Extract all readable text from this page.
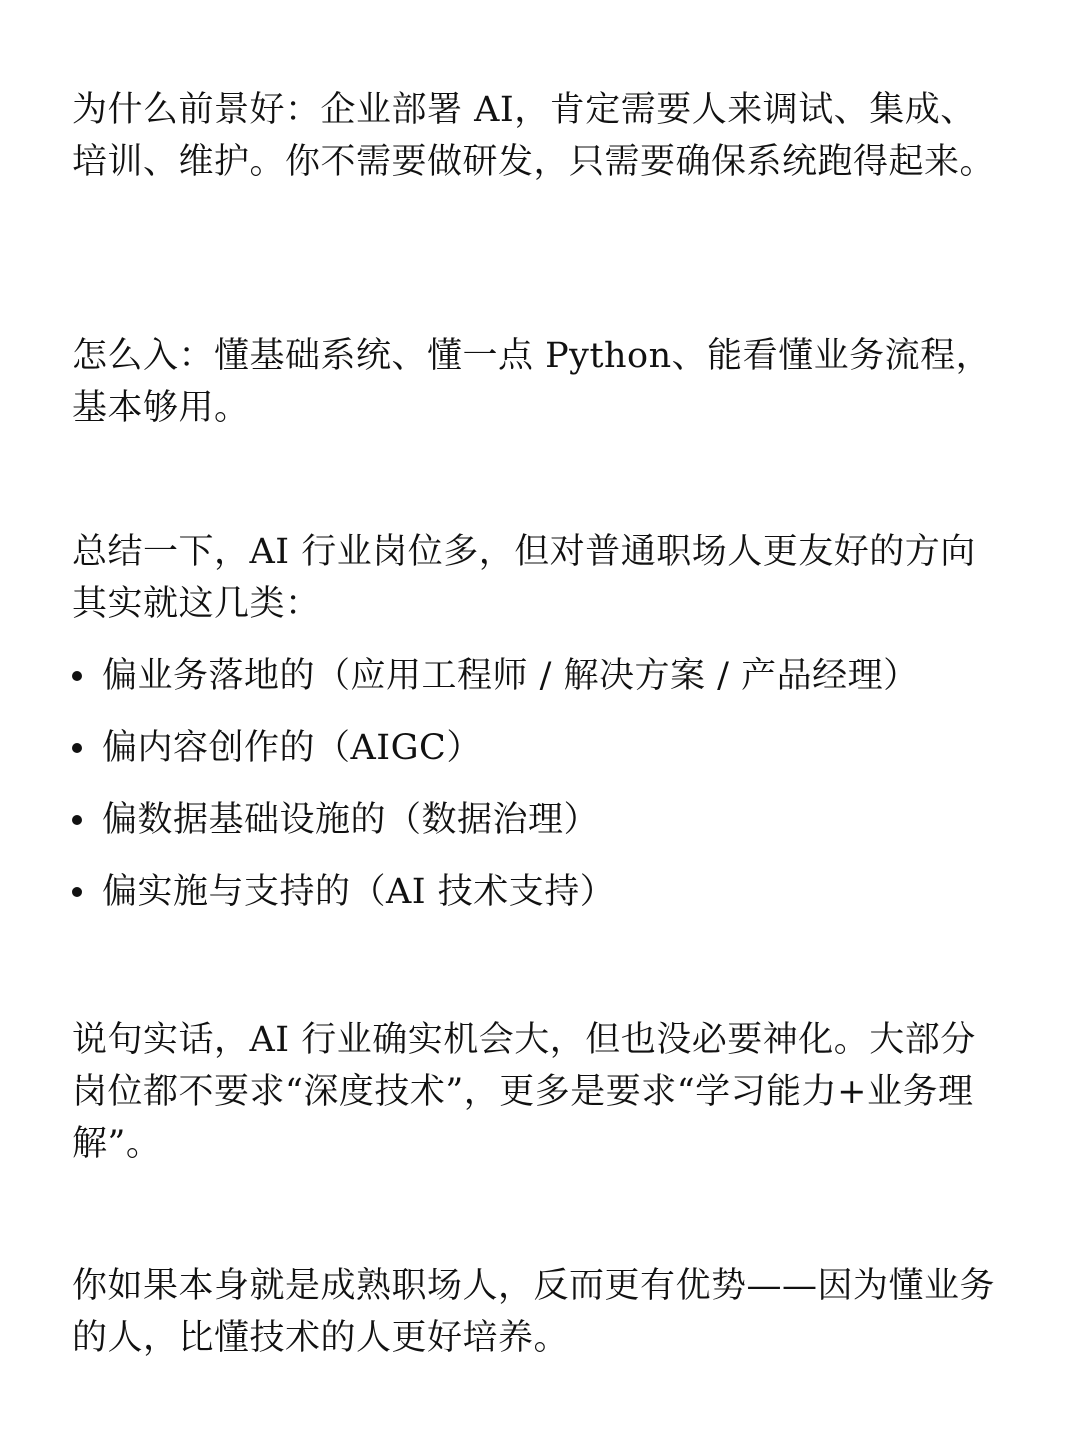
为什么前景好：企业部署 AI，肯定需要人来调试、集成、培训、维护。你不需要做研发，只需要确保系统跑得起来。

怎么入：懂基础系统、懂一点 Python、能看懂业务流程，基本够用。

总结一下，AI 行业岗位多，但对普通职场人更友好的方向其实就这几类：

偏业务落地的（应用工程师 / 解决方案 / 产品经理）
偏内容创作的（AIGC）
偏数据基础设施的（数据治理）
偏实施与支持的（AI 技术支持）

说句实话，AI 行业确实机会大，但也没必要神化。大部分岗位都不要求“深度技术”，更多是要求“学习能力+业务理解”。

你如果本身就是成熟职场人，反而更有优势——因为懂业务的人，比懂技术的人更好培养。
